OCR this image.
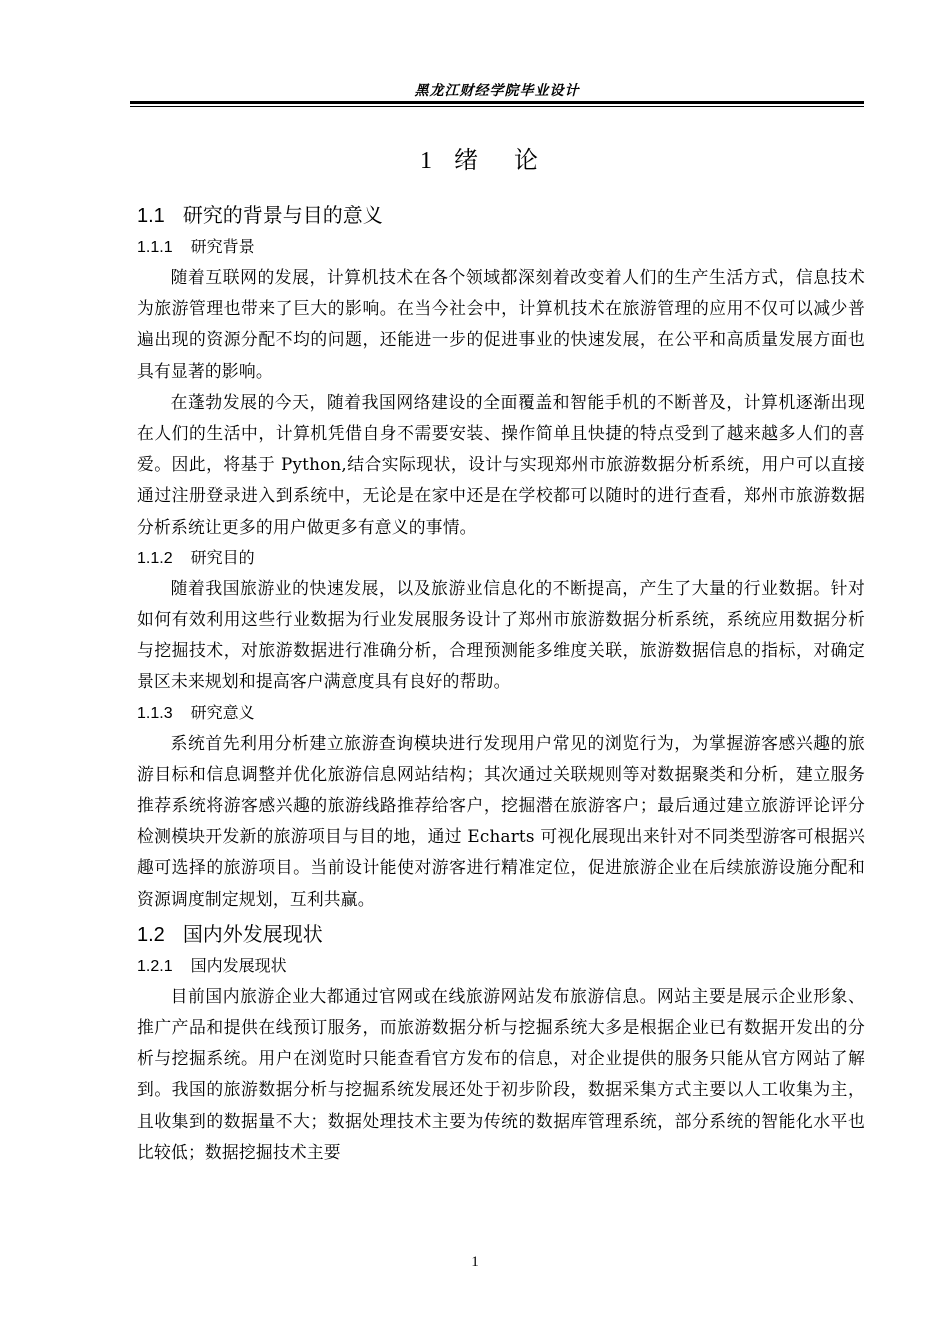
黑龙江财经学院毕业设计
1 绪论
1.1 研究的背景与目的意义
1.1.1 研究背景

随着互联网的发展，计算机技术在各个领域都深刻着改变着人们的生产生活方式，信息技术为旅游管理也带来了巨大的影响。在当今社会中，计算机技术在旅游管理的应用不仅可以减少普遍出现的资源分配不均的问题，还能进一步的促进事业的快速发展，在公平和高质量发展方面也具有显著的影响。

在蓬勃发展的今天，随着我国网络建设的全面覆盖和智能手机的不断普及，计算机逐渐出现在人们的生活中，计算机凭借自身不需要安装、操作简单且快捷的特点受到了越来越多人们的喜爱。因此，将基于 Python,结合实际现状，设计与实现郑州市旅游数据分析系统，用户可以直接通过注册登录进入到系统中，无论是在家中还是在学校都可以随时的进行查看，郑州市旅游数据分析系统让更多的用户做更多有意义的事情。

1.1.2 研究目的

随着我国旅游业的快速发展，以及旅游业信息化的不断提高，产生了大量的行业数据。针对如何有效利用这些行业数据为行业发展服务设计了郑州市旅游数据分析系统，系统应用数据分析与挖掘技术，对旅游数据进行准确分析，合理预测能多维度关联，旅游数据信息的指标，对确定景区未来规划和提高客户满意度具有良好的帮助。

1.1.3 研究意义

系统首先利用分析建立旅游查询模块进行发现用户常见的浏览行为，为掌握游客感兴趣的旅游目标和信息调整并优化旅游信息网站结构；其次通过关联规则等对数据聚类和分析，建立服务推荐系统将游客感兴趣的旅游线路推荐给客户，挖掘潜在旅游客户；最后通过建立旅游评论评分检测模块开发新的旅游项目与目的地，通过 Echarts 可视化展现出来针对不同类型游客可根据兴趣可选择的旅游项目。当前设计能使对游客进行精准定位，促进旅游企业在后续旅游设施分配和资源调度制定规划，互利共赢。

1.2 国内外发展现状
1.2.1 国内发展现状

目前国内旅游企业大都通过官网或在线旅游网站发布旅游信息。网站主要是展示企业形象、推广产品和提供在线预订服务，而旅游数据分析与挖掘系统大多是根据企业已有数据开发出的分析与挖掘系统。用户在浏览时只能查看官方发布的信息，对企业提供的服务只能从官方网站了解到。我国的旅游数据分析与挖掘系统发展还处于初步阶段，数据采集方式主要以人工收集为主，且收集到的数据量不大；数据处理技术主要为传统的数据库管理系统，部分系统的智能化水平也比较低；数据挖掘技术主要

1
